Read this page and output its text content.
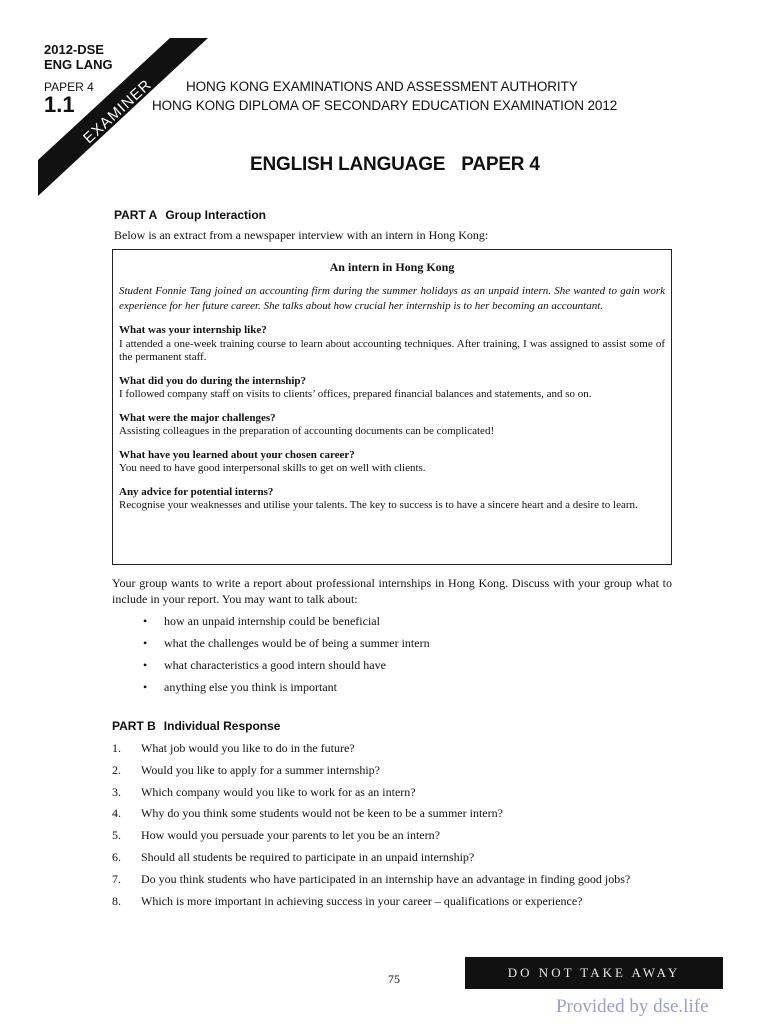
2012-DSE
ENG LANG
PAPER 4
1.1 EXAMINER HONG KONG EXAMINATIONS AND ASSESSMENT AUTHORITY
HONG KONG DIPLOMA OF SECONDARY EDUCATION EXAMINATION 2012
ENGLISH LANGUAGE PAPER 4
PART A Group Interaction
Below is an extract from a newspaper interview with an intern in Hong Kong:
An intern in Hong Kong
Student Fonnie Tang joined an accounting firm during the summer holidays as an unpaid intern. She wanted to gain work experience for her future career. She talks about how crucial her internship is to her becoming an accountant.
What was your internship like?
I attended a one-week training course to learn about accounting techniques. After training, I was assigned to assist some of the permanent staff.
What did you do during the internship?
I followed company staff on visits to clients’ offices, prepared financial balances and statements, and so on.
What were the major challenges?
Assisting colleagues in the preparation of accounting documents can be complicated!
What have you learned about your chosen career?
You need to have good interpersonal skills to get on well with clients.
Any advice for potential interns?
Recognise your weaknesses and utilise your talents. The key to success is to have a sincere heart and a desire to learn.
Your group wants to write a report about professional internships in Hong Kong. Discuss with your group what to include in your report. You may want to talk about:
• how an unpaid internship could be beneficial
• what the challenges would be of being a summer intern
• what characteristics a good intern should have
• anything else you think is important
PART B Individual Response
1. What job would you like to do in the future?
2. Would you like to apply for a summer internship?
3. Which company would you like to work for as an intern?
4. Why do you think some students would not be keen to be a summer intern?
5. How would you persuade your parents to let you be an intern?
6. Should all students be required to participate in an unpaid internship?
7. Do you think students who have participated in an internship have an advantage in finding good jobs?
8. Which is more important in achieving success in your career – qualifications or experience?
75	DO NOT TAKE AWAY
Provided by dse.life
